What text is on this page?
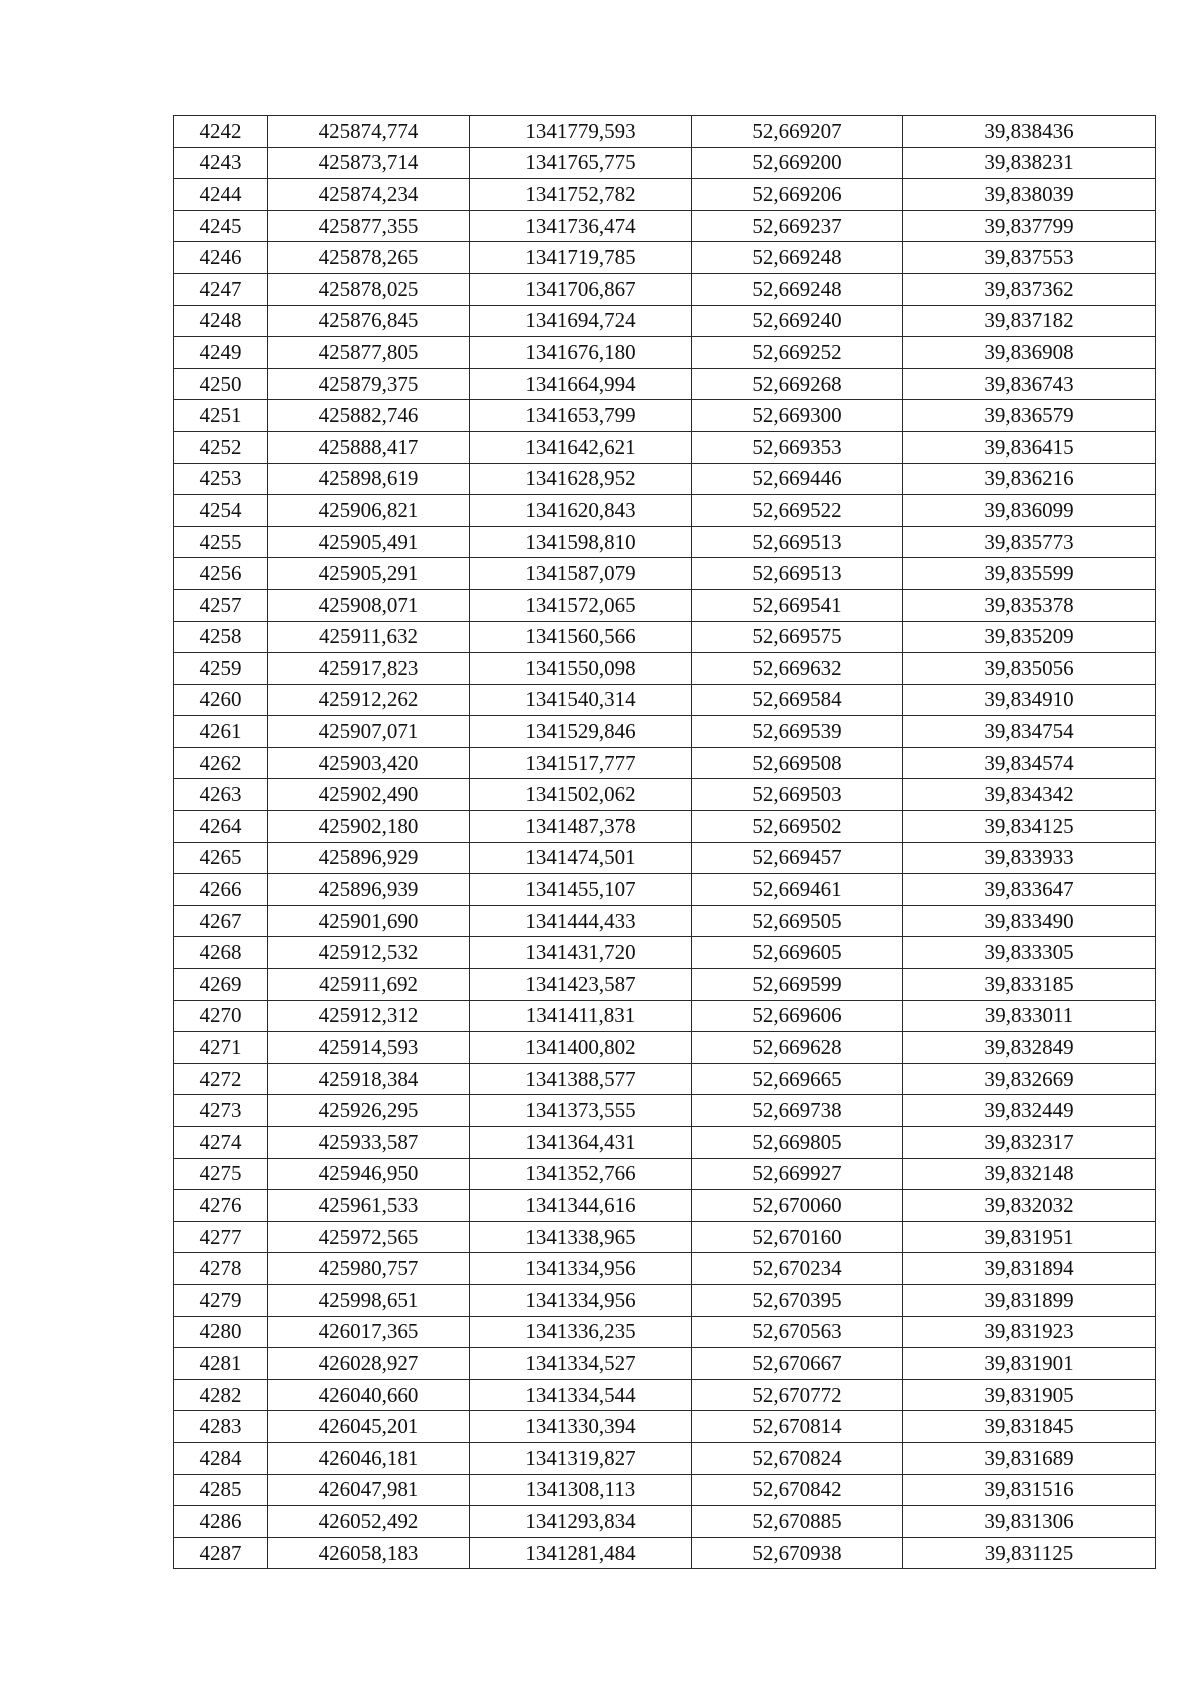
4242	425874,774	1341779,593	52,669207	39,838436
4243	425873,714	1341765,775	52,669200	39,838231
4244	425874,234	1341752,782	52,669206	39,838039
4245	425877,355	1341736,474	52,669237	39,837799
4246	425878,265	1341719,785	52,669248	39,837553
4247	425878,025	1341706,867	52,669248	39,837362
4248	425876,845	1341694,724	52,669240	39,837182
4249	425877,805	1341676,180	52,669252	39,836908
4250	425879,375	1341664,994	52,669268	39,836743
4251	425882,746	1341653,799	52,669300	39,836579
4252	425888,417	1341642,621	52,669353	39,836415
4253	425898,619	1341628,952	52,669446	39,836216
4254	425906,821	1341620,843	52,669522	39,836099
4255	425905,491	1341598,810	52,669513	39,835773
4256	425905,291	1341587,079	52,669513	39,835599
4257	425908,071	1341572,065	52,669541	39,835378
4258	425911,632	1341560,566	52,669575	39,835209
4259	425917,823	1341550,098	52,669632	39,835056
4260	425912,262	1341540,314	52,669584	39,834910
4261	425907,071	1341529,846	52,669539	39,834754
4262	425903,420	1341517,777	52,669508	39,834574
4263	425902,490	1341502,062	52,669503	39,834342
4264	425902,180	1341487,378	52,669502	39,834125
4265	425896,929	1341474,501	52,669457	39,833933
4266	425896,939	1341455,107	52,669461	39,833647
4267	425901,690	1341444,433	52,669505	39,833490
4268	425912,532	1341431,720	52,669605	39,833305
4269	425911,692	1341423,587	52,669599	39,833185
4270	425912,312	1341411,831	52,669606	39,833011
4271	425914,593	1341400,802	52,669628	39,832849
4272	425918,384	1341388,577	52,669665	39,832669
4273	425926,295	1341373,555	52,669738	39,832449
4274	425933,587	1341364,431	52,669805	39,832317
4275	425946,950	1341352,766	52,669927	39,832148
4276	425961,533	1341344,616	52,670060	39,832032
4277	425972,565	1341338,965	52,670160	39,831951
4278	425980,757	1341334,956	52,670234	39,831894
4279	425998,651	1341334,956	52,670395	39,831899
4280	426017,365	1341336,235	52,670563	39,831923
4281	426028,927	1341334,527	52,670667	39,831901
4282	426040,660	1341334,544	52,670772	39,831905
4283	426045,201	1341330,394	52,670814	39,831845
4284	426046,181	1341319,827	52,670824	39,831689
4285	426047,981	1341308,113	52,670842	39,831516
4286	426052,492	1341293,834	52,670885	39,831306
4287	426058,183	1341281,484	52,670938	39,831125
